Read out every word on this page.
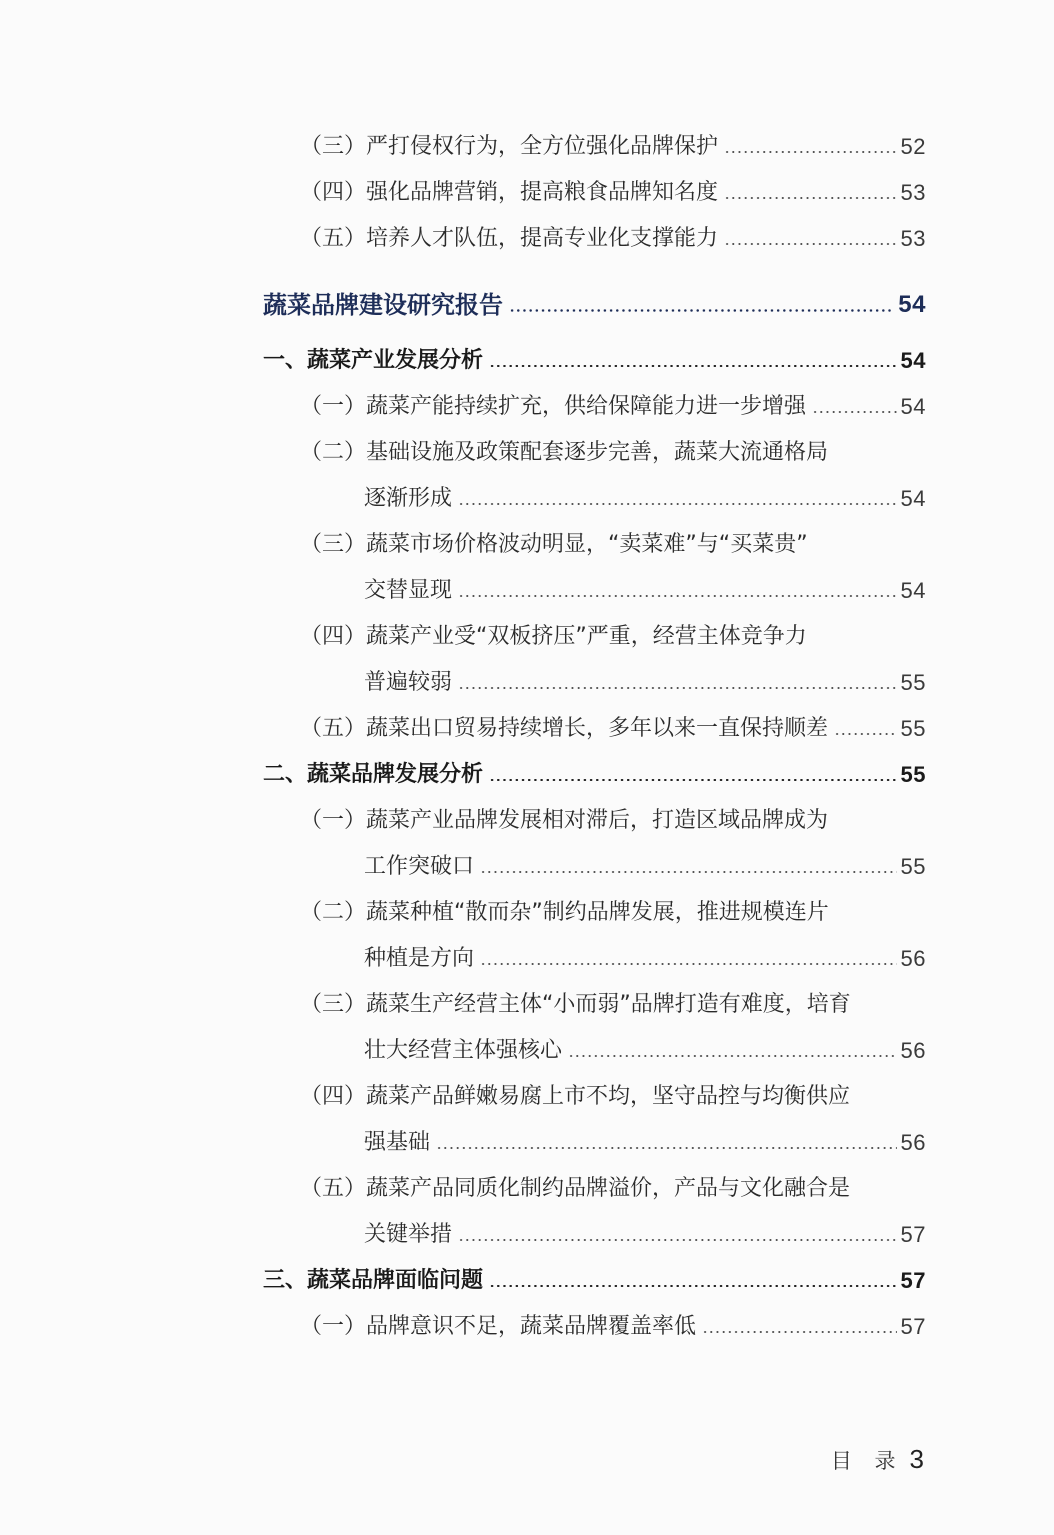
（三） 严打侵权行为，全方位强化品牌保护	52
（四） 强化品牌营销，提高粮食品牌知名度	53
（五） 培养人才队伍，提高专业化支撑能力	53
蔬菜品牌建设研究报告	54
一、蔬菜产业发展分析	54
（一） 蔬菜产能持续扩充，供给保障能力进一步增强	54
（二） 基础设施及政策配套逐步完善，蔬菜大流通格局
逐渐形成	54
（三） 蔬菜市场价格波动明显，“卖菜难”与“买菜贵”
交替显现	54
（四） 蔬菜产业受“双板挤压”严重，经营主体竞争力
普遍较弱	55
（五） 蔬菜出口贸易持续增长，多年以来一直保持顺差	55
二、蔬菜品牌发展分析	55
（一） 蔬菜产业品牌发展相对滞后，打造区域品牌成为
工作突破口	55
（二） 蔬菜种植“散而杂”制约品牌发展，推进规模连片
种植是方向	56
（三） 蔬菜生产经营主体“小而弱”品牌打造有难度，培育
壮大经营主体强核心	56
（四） 蔬菜产品鲜嫩易腐上市不均，坚守品控与均衡供应
强基础	56
（五） 蔬菜产品同质化制约品牌溢价，产品与文化融合是
关键举措	57
三、蔬菜品牌面临问题	57
（一） 品牌意识不足，蔬菜品牌覆盖率低	57
目 录 3
